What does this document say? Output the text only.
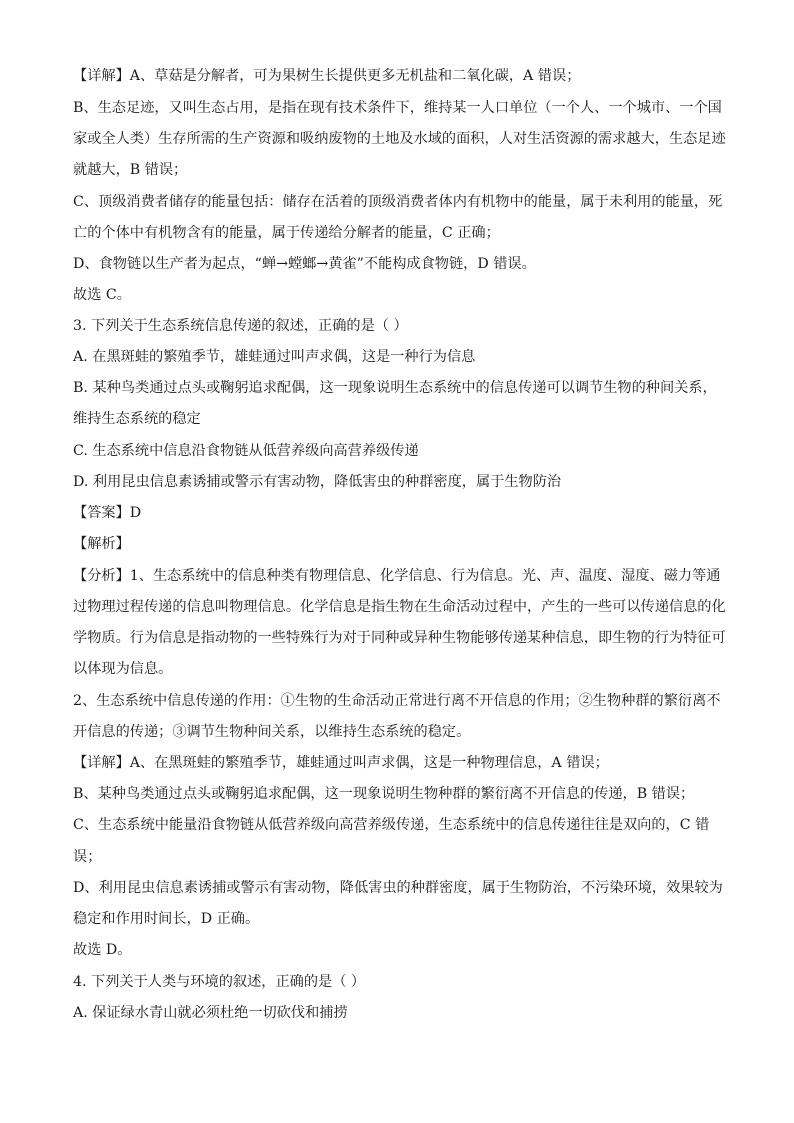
【详解】A、草菇是分解者，可为果树生长提供更多无机盐和二氧化碳，A 错误；
B、生态足迹，又叫生态占用，是指在现有技术条件下，维持某一人口单位（一个人、一个城市、一个国
家或全人类）生存所需的生产资源和吸纳废物的土地及水域的面积，人对生活资源的需求越大，生态足迹
就越大，B 错误；
C、顶级消费者储存的能量包括：储存在活着的顶级消费者体内有机物中的能量，属于未利用的能量，死
亡的个体中有机物含有的能量，属于传递给分解者的能量，C 正确；
D、食物链以生产者为起点，“蝉→螳螂→黄雀”不能构成食物链，D 错误。
故选 C。
3. 下列关于生态系统信息传递的叙述，正确的是（ ）
A. 在黑斑蛙的繁殖季节，雄蛙通过叫声求偶，这是一种行为信息
B. 某种鸟类通过点头或鞠躬追求配偶，这一现象说明生态系统中的信息传递可以调节生物的种间关系，
维持生态系统的稳定
C. 生态系统中信息沿食物链从低营养级向高营养级传递
D. 利用昆虫信息素诱捕或警示有害动物，降低害虫的种群密度，属于生物防治
【答案】D
【解析】
【分析】1、生态系统中的信息种类有物理信息、化学信息、行为信息。光、声、温度、湿度、磁力等通
过物理过程传递的信息叫物理信息。化学信息是指生物在生命活动过程中，产生的一些可以传递信息的化
学物质。行为信息是指动物的一些特殊行为对于同种或异种生物能够传递某种信息，即生物的行为特征可
以体现为信息。
2、生态系统中信息传递的作用：①生物的生命活动正常进行离不开信息的作用；②生物种群的繁衍离不
开信息的传递；③调节生物种间关系，以维持生态系统的稳定。
【详解】A、在黑斑蛙的繁殖季节，雄蛙通过叫声求偶，这是一种物理信息，A 错误；
B、某种鸟类通过点头或鞠躬追求配偶，这一现象说明生物种群的繁衍离不开信息的传递，B 错误；
C、生态系统中能量沿食物链从低营养级向高营养级传递，生态系统中的信息传递往往是双向的，C 错
误；
D、利用昆虫信息素诱捕或警示有害动物，降低害虫的种群密度，属于生物防治，不污染环境，效果较为
稳定和作用时间长，D 正确。
故选 D。
4. 下列关于人类与环境的叙述，正确的是（ ）
A. 保证绿水青山就必须杜绝一切砍伐和捕捞
